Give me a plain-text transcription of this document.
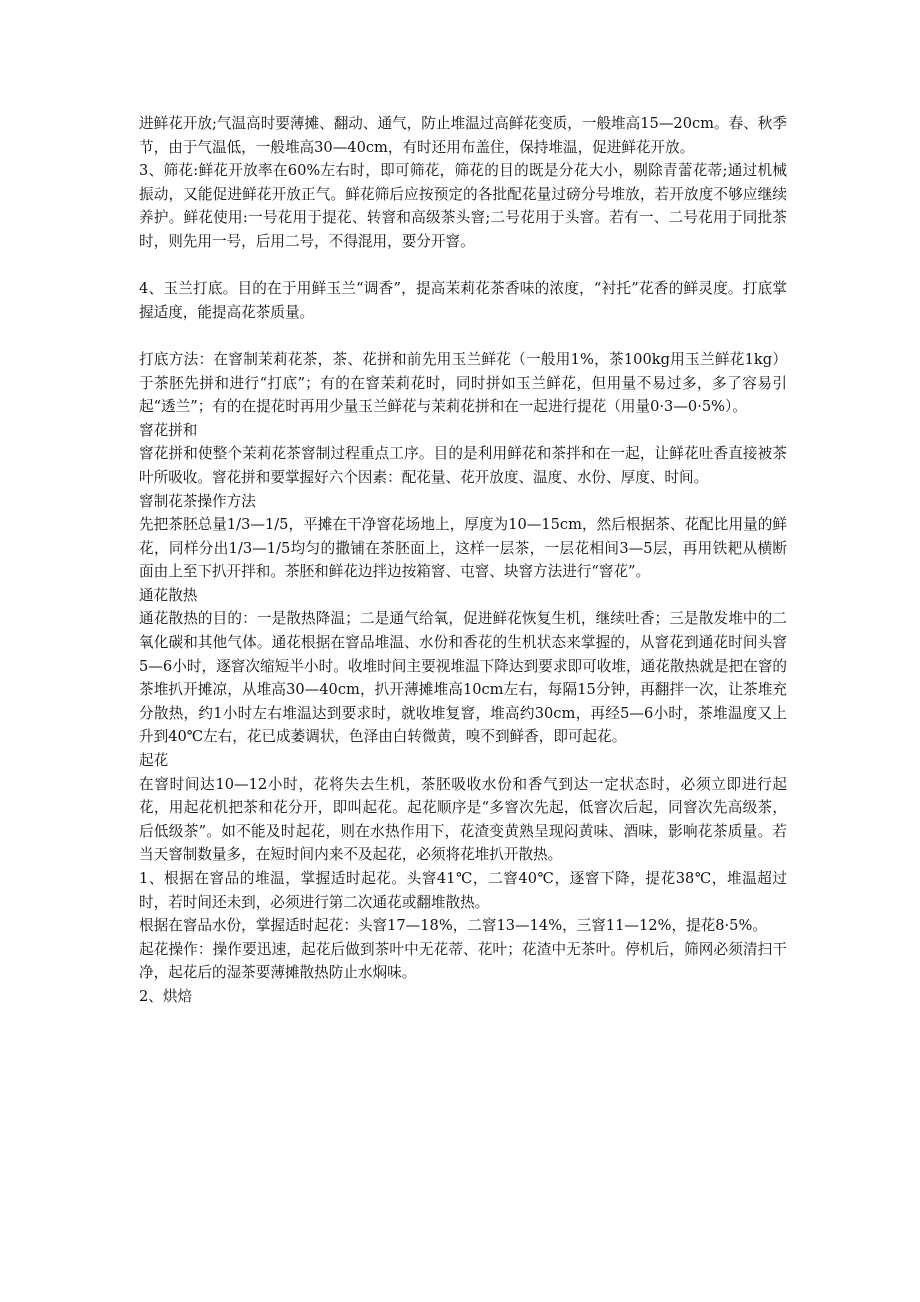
进鲜花开放;气温高时要薄摊、翻动、通气，防止堆温过高鲜花变质，一般堆高15—20cm。春、秋季节，由于气温低，一般堆高30—40cm，有时还用布盖住，保持堆温，促进鲜花开放。

3、筛花:鲜花开放率在60%左右时，即可筛花，筛花的目的既是分花大小，剔除青蕾花蒂;通过机械振动，又能促进鲜花开放正气。鲜花筛后应按预定的各批配花量过磅分号堆放，若开放度不够应继续养护。鲜花使用:一号花用于提花、转窨和高级茶头窨;二号花用于头窨。若有一、二号花用于同批茶时，则先用一号，后用二号，不得混用，要分开窨。

4、玉兰打底。目的在于用鲜玉兰“调香”，提高茉莉花茶香味的浓度，“衬托”花香的鲜灵度。打底掌握适度，能提高花茶质量。

打底方法：在窨制茉莉花茶，茶、花拼和前先用玉兰鲜花（一般用1%，茶100kg用玉兰鲜花1kg）于茶胚先拼和进行“打底”；有的在窨茉莉花时，同时拼如玉兰鲜花，但用量不易过多，多了容易引起“透兰”；有的在提花时再用少量玉兰鲜花与茉莉花拼和在一起进行提花（用量0·3—0·5%）。

窨花拼和

窨花拼和使整个茉莉花茶窨制过程重点工序。目的是利用鲜花和茶拌和在一起，让鲜花吐香直接被茶叶所吸收。窨花拼和要掌握好六个因素：配花量、花开放度、温度、水份、厚度、时间。

窨制花茶操作方法

先把茶胚总量1/3—1/5，平摊在干净窨花场地上，厚度为10—15cm，然后根据茶、花配比用量的鲜花，同样分出1/3—1/5均匀的撒铺在茶胚面上，这样一层茶，一层花相间3—5层，再用铁耙从横断面由上至下扒开拌和。茶胚和鲜花边拌边按箱窨、屯窨、块窨方法进行“窨花”。

通花散热

通花散热的目的：一是散热降温；二是通气给氧，促进鲜花恢复生机，继续吐香；三是散发堆中的二氧化碳和其他气体。通花根据在窨品堆温、水份和香花的生机状态来掌握的，从窨花到通花时间头窨5—6小时，逐窨次缩短半小时。收堆时间主要视堆温下降达到要求即可收堆，通花散热就是把在窨的茶堆扒开摊凉，从堆高30—40cm，扒开薄摊堆高10cm左右，每隔15分钟，再翻拌一次，让茶堆充分散热，约1小时左右堆温达到要求时，就收堆复窨，堆高约30cm，再经5—6小时，茶堆温度又上升到40℃左右，花已成萎调状，色泽由白转微黄，嗅不到鲜香，即可起花。

起花

在窨时间达10—12小时，花将失去生机，茶胚吸收水份和香气到达一定状态时，必须立即进行起花，用起花机把茶和花分开，即叫起花。起花顺序是“多窨次先起，低窨次后起，同窨次先高级茶，后低级茶”。如不能及时起花，则在水热作用下，花渣变黄熟呈现闷黄味、酒味，影响花茶质量。若当天窨制数量多，在短时间内来不及起花，必须将花堆扒开散热。

1、根据在窨品的堆温，掌握适时起花。头窨41℃，二窨40℃，逐窨下降，提花38℃，堆温超过时，若时间还未到，必须进行第二次通花或翻堆散热。

根据在窨品水份，掌握适时起花：头窨17—18%，二窨13—14%，三窨11—12%，提花8·5%。

起花操作：操作要迅速，起花后做到茶叶中无花蒂、花叶；花渣中无茶叶。停机后，筛网必须清扫干净，起花后的湿茶要薄摊散热防止水焖味。

2、烘焙
